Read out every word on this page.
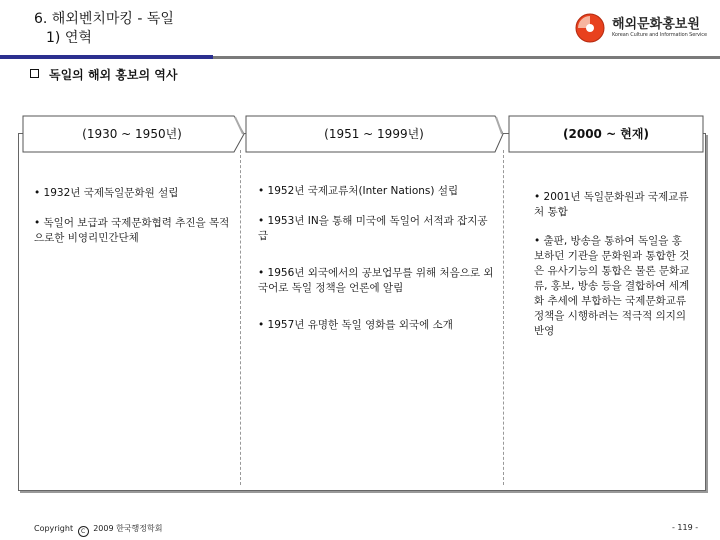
6. 해외벤치마킹 - 독일
1) 연혁
해외문화홍보원
Korean Culture and Information Service
독일의 해외 홍보의 역사
(1930 ~ 1950년)	(1951 ~ 1999년)	(2000 ~ 현재)
• 1932년 국제독일문화원 설립
• 독일어 보급과 국제문화협력 추진을 목적으로한 비영리민간단체
• 1952년 국제교류처(Inter Nations) 설립
• 1953년 IN을 통해 미국에 독일어 서적과 잡지공급
• 1956년 외국에서의 공보업무를 위해 처음으로 외국어로 독일 정책을 언론에 알림
• 1957년 유명한 독일 영화를 외국에 소개
• 2001년 독일문화원과 국제교류처 통합
• 출판, 방송을 통하여 독일을 홍보하던 기관을 문화원과 통합한 것은 유사기능의 통합은 물론 문화교류, 홍보, 방송 등을 결합하여 세계화 추세에 부합하는 국제문화교류 정책을 시행하려는 적극적 의지의 반영
Copyright C 2009 한국행정학회	- 119 -
